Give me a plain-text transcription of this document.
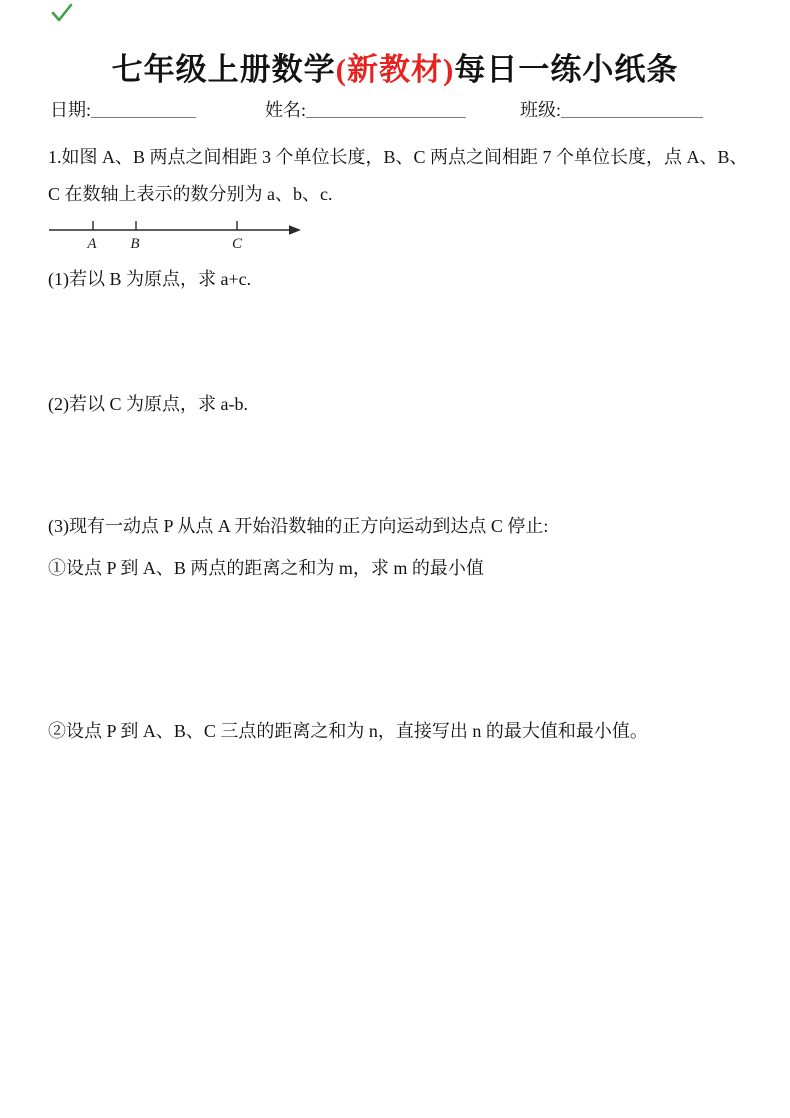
七年级上册数学(新教材)每日一练小纸条
日期:	姓名:	班级:
1.如图 A、B 两点之间相距 3 个单位长度，B、C 两点之间相距 7 个单位长度，点 A、B、
C 在数轴上表示的数分别为 a、b、c.
A B	C
(1)若以 B 为原点，求 a+c.
(2)若以 C 为原点，求 a-b.
(3)现有一动点 P 从点 A 开始沿数轴的正方向运动到达点 C 停止:
①设点 P 到 A、B 两点的距离之和为 m，求 m 的最小值
②设点 P 到 A、B、C 三点的距离之和为 n，直接写出 n 的最大值和最小值。
